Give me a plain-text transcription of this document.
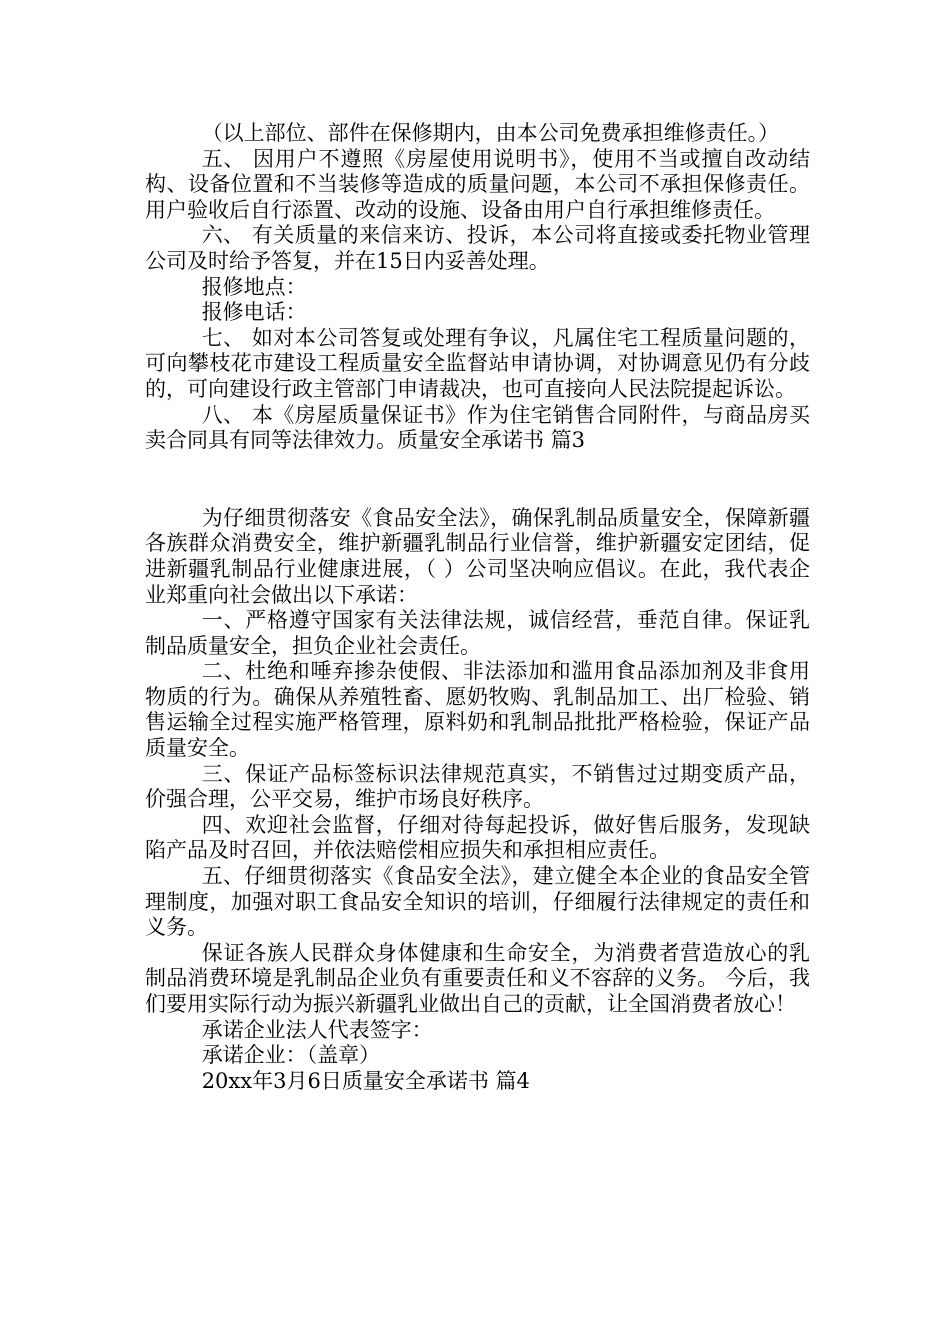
（以上部位、部件在保修期内，由本公司免费承担维修责任。）

五、 因用户不遵照《房屋使用说明书》，使用不当或擅自改动结构、设备位置和不当装修等造成的质量问题，本公司不承担保修责任。用户验收后自行添置、改动的设施、设备由用户自行承担维修责任。

六、 有关质量的来信来访、投诉，本公司将直接或委托物业管理公司及时给予答复，并在15日内妥善处理。

报修地点：

报修电话：

七、 如对本公司答复或处理有争议，凡属住宅工程质量问题的，可向攀枝花市建设工程质量安全监督站申请协调，对协调意见仍有分歧的，可向建设行政主管部门申请裁决，也可直接向人民法院提起诉讼。

八、 本《房屋质量保证书》作为住宅销售合同附件，与商品房买卖合同具有同等法律效力。质量安全承诺书 篇3

为仔细贯彻落安《食品安全法》，确保乳制品质量安全，保障新疆各族群众消费安全，维护新疆乳制品行业信誉，维护新疆安定团结，促进新疆乳制品行业健康进展，（ ）公司坚决响应倡议。在此，我代表企业郑重向社会做出以下承诺：

一、严格遵守国家有关法律法规，诚信经营，垂范自律。保证乳制品质量安全，担负企业社会责任。

二、杜绝和唾弃掺杂使假、非法添加和滥用食品添加剂及非食用物质的行为。确保从养殖牲畜、愿奶牧购、乳制品加工、出厂检验、销售运输全过程实施严格管理，原料奶和乳制品批批严格检验，保证产品质量安全。

三、保证产品标签标识法律规范真实，不销售过过期变质产品，价强合理，公平交易，维护市场良好秩序。

四、欢迎社会监督，仔细对待每起投诉，做好售后服务，发现缺陷产品及时召回，并依法赔偿相应损失和承担相应责任。

五、仔细贯彻落实《食品安全法》，建立健全本企业的食品安全管理制度，加强对职工食品安全知识的培训，仔细履行法律规定的责任和义务。

保证各族人民群众身体健康和生命安全，为消费者营造放心的乳制品消费环境是乳制品企业负有重要责任和义不容辞的义务。 今后，我们要用实际行动为振兴新疆乳业做出自己的贡献，让全国消费者放心！

承诺企业法人代表签字：

承诺企业：（盖章）

20xx年3月6日质量安全承诺书 篇4
